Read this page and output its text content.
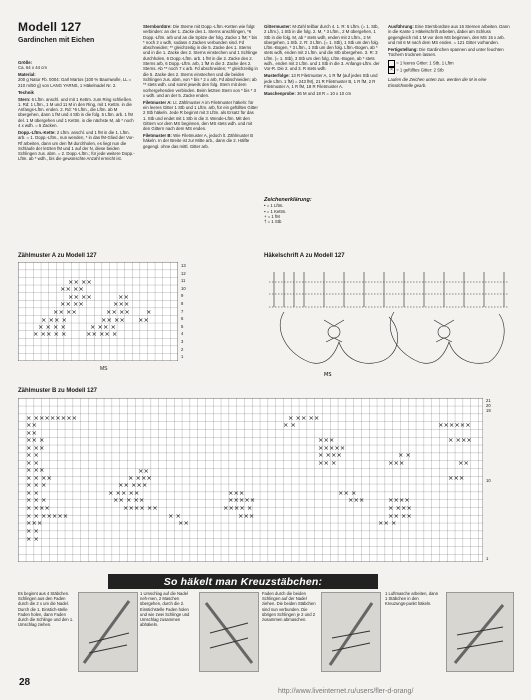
Modell 127
Gardinchen mit Eichen

Größe:
Ca. 64 x 44 cm

Material:
200 g Natur Fb. 0004: Garl Martos (100 % Baumwolle, LL = 210 m/50 g) von LANG YARNS, 1 Häkelnadel Nr. 2.

Technik

Stern: 6 Lftm. anschl. und mit 1 Kettm. zum Ring schließen. 1. Rd: 1 Lftm., 1 M und 11 M in den Ring, mit 1 Kettm. in die Anfangs-Lftm. enden. 2. Rd: *6 Lftm., die Lftm. ab M übergehen, dann 1 fM und 4 Stb in die folg. 5 Lftm. arb. 1 fM del. 1 M übergehen und 1 Kettm. in die nächste M, ab * noch 4 x wdh. = 5 Zacken.

Dopp.-Lftm.-Kette: 2 Lftm. anschl. und 1 fM in die 1. Lftm. arb. = 1. Dopp.-Lftm., nun wenden, * in das fM-Glied der Vor-Rf arbeiten, dann um den fM durchholen, es liegt nun die Schlaufe der letzten fM und 1 auf der N, diese beiden Schlingen zus. abm. = 2. Dopp.-Lftm.; für jede weitere Dopp.-Lftm. ab * wdh., bis die gewünschte Anzahl erreicht ist.

Sternbordüre: Die Sterne mit Dopp.-Lftm.-Ketten wie folgt verbinden: an der 1. Zacke des 1. Sterns anschlingen, *6 Dopp.-Lftm. arb und an die Spitze der folg. Zacke 1 fM; * bis * noch 2 x wdh, sodass 4 Zacken verbunden sind. Fd abschneiden; ** gleichzeitig in die 5. Zacke des 1. Sterns und in die 1. Zacke des 2. Sterns einstechen und 1 Schlinge durchholen, 6 Dopp.-Lftm. arb. 1 fM in die 2. Zacke des 2. Sterns arb, 6 Dopp.-Lftm. arb, 1 fM in die 3. Zacke des 2. Sterns. Ab ** noch 7 x arb. Fd abschneiden; ** gleichzeitig in die 5. Zacke des 2. Sterns einstechen und die beiden Schlingen zus. abm, von * bis * 2 x arb, Fd abschneiden; ab ** stets wdh. und somit jeweils den folg. Stern mit dem vorhergehenden verbinden. Beim letzten Stern von * bis * 3 x wdh. und an der 5. Zacke enden.

Filetmuster A: Lt. Zählmuster A im Filetmuster häkeln: für ein leeres Gitter 1 Stb und 1 Lftm. arb, für ein gefülltes Gitter 2 Stb häkeln. Jede R beginnt mit 3 Lftm. als Ersatz für das 1. Stb und endet mit 1 Stb in die 3. Wende-Lftm. Mit den Gittern vor dem MS beginnen, den MS stets wdh. und mit den Gittern nach dem MS enden.

Filetmuster B: Wie Filetmuster A, jedoch lt. Zählmuster B häkeln. In der Breite ist zur Mitte arb., dann die 2. Hälfte gegengl. ohne das mittl. Gitter arb.

Gittermuster: M-Zahl teilbar durch 4. 1. R: 5 Lftm. (= 1. Stb, 2 Lftm.), 1 Stb in die folg. 2. M, * 3 Lftm., 2 M übergehen, 1 Stb in die folg. M, ab * stets wdh, enden mit 2 Lftm., 2 M übergehen, 1 Stb. 2. R: 3 Lftm. (= 1. Stb), 1 Stb um den folg. Lftm.-Bogen, * 3 Lftm., 1 Stb um den folg. Lftm.-Bogen, ab * stets wdh, enden mit 2 Lftm. und die Stb übergehen. 3. R: 3 Lftm. (= 1. Stb), 3 Stb um den folg. Lftm.-Bogen, ab * stets wdh., enden mit 2 Lftm. und 1 Stb in die 3. Anfangs-Lftm. der Vor-R. Die 2. und 3. R stets wdh.

Musterfolge: 13 R Filetmuster A, 1 R fM (auf jedes Stb und jede Lftm. 1 fM) = 243 fM), 21 R Filetmuster B, 1 R fM, 2 R Filetmuster A, 1 R fM, 18 R Filetmuster A.

Maschenprobe: 36 M und 18 R = 10 x 10 cm

Zeichenerklärung:
• = 1 Lftm.
▪ = 1 Kettm.
+ = 1 fM
† = 1 Stb

Ausführung: Eine Sternbordüre aus 16 Sternen arbeiten. Dann in die Kante 1 Häkelschrift arbeiten, dabei am Schluss gegengleich mit 1 M vor dem MS beginnen, den MS 15 x arb. und mit 6 M nach dem MS enden. = 121 Gitter vorhanden.

Fertigstellung: Die Gardinchen spannen und unter feuchten Tüchern trocknen lassen.

= 1 leeres Gitter: 1 Stb, 1 Lftm
× = 1 gefülltes Gitter: 2 Stb
Laufen die Zeichen unten zus. werden die M in eine Einstichstelle gearb.
Zählmuster A zu Modell 127
×× ××
×× ××
×× ××
×× ××
×× ××
× ×× ×
× × × ×
× ×× × ×
××
×××
×× ××
×× ××
× ×× ×
×× ×× ×
×
××
13
12
11
10
9
8
7
6
5
4
3
2
1
MS
Häkelschrift A zu Modell 127
MS
Zählmuster B zu Modell 127
× ××××××××
××
××
×× ×
× ××
× ×
× ×
× ××
× × ××
× × ×
× ×
× × ×
× ×××
× × ×××××
×××
× ×
× ×
××
× ×××
×× ×××
× ×× ××
×× × ××
×××× ××
× ×
××
×××
×××××
×××× ×
×××
× ×× ××
× ×
×××
×××××
× ×××
×× ×
×× ×
×××
× ×
×××
××××
× ×××
×× ××
×× ×
××××××
× ×××
××
×××
21
20
19
10
1
So häkelt man Kreuzstäbchen:
Es beginnt aus 4 Stäbchen. Schlingen aus den Faden durch die 2 x um die Nadel. Durch die 1. Einstich-stelle Faden holen, dann Faden durch die Schlinge und den 1. Umschlag ziehen.
1 Umschlag auf die Nadel neh-men, 2 Maschen übergehen, durch die 2. Einstichstelle Faden holen und wie zwei Schlinge und Umschlag zusammen abhäkeln.
Faden durch die beiden Schlingen auf der Nadel ziehen. Die beiden Stäbchen sind nun verbunden. Die übrigen Schlingen je 2 und 2 zusammen abmaschen.
1 Luftmasche arbeiten, dann 1 Stäbchen in den Kreuzungs-punkt häkeln.
28
http://www.liveinternet.ru/users/fler-d-orang/
